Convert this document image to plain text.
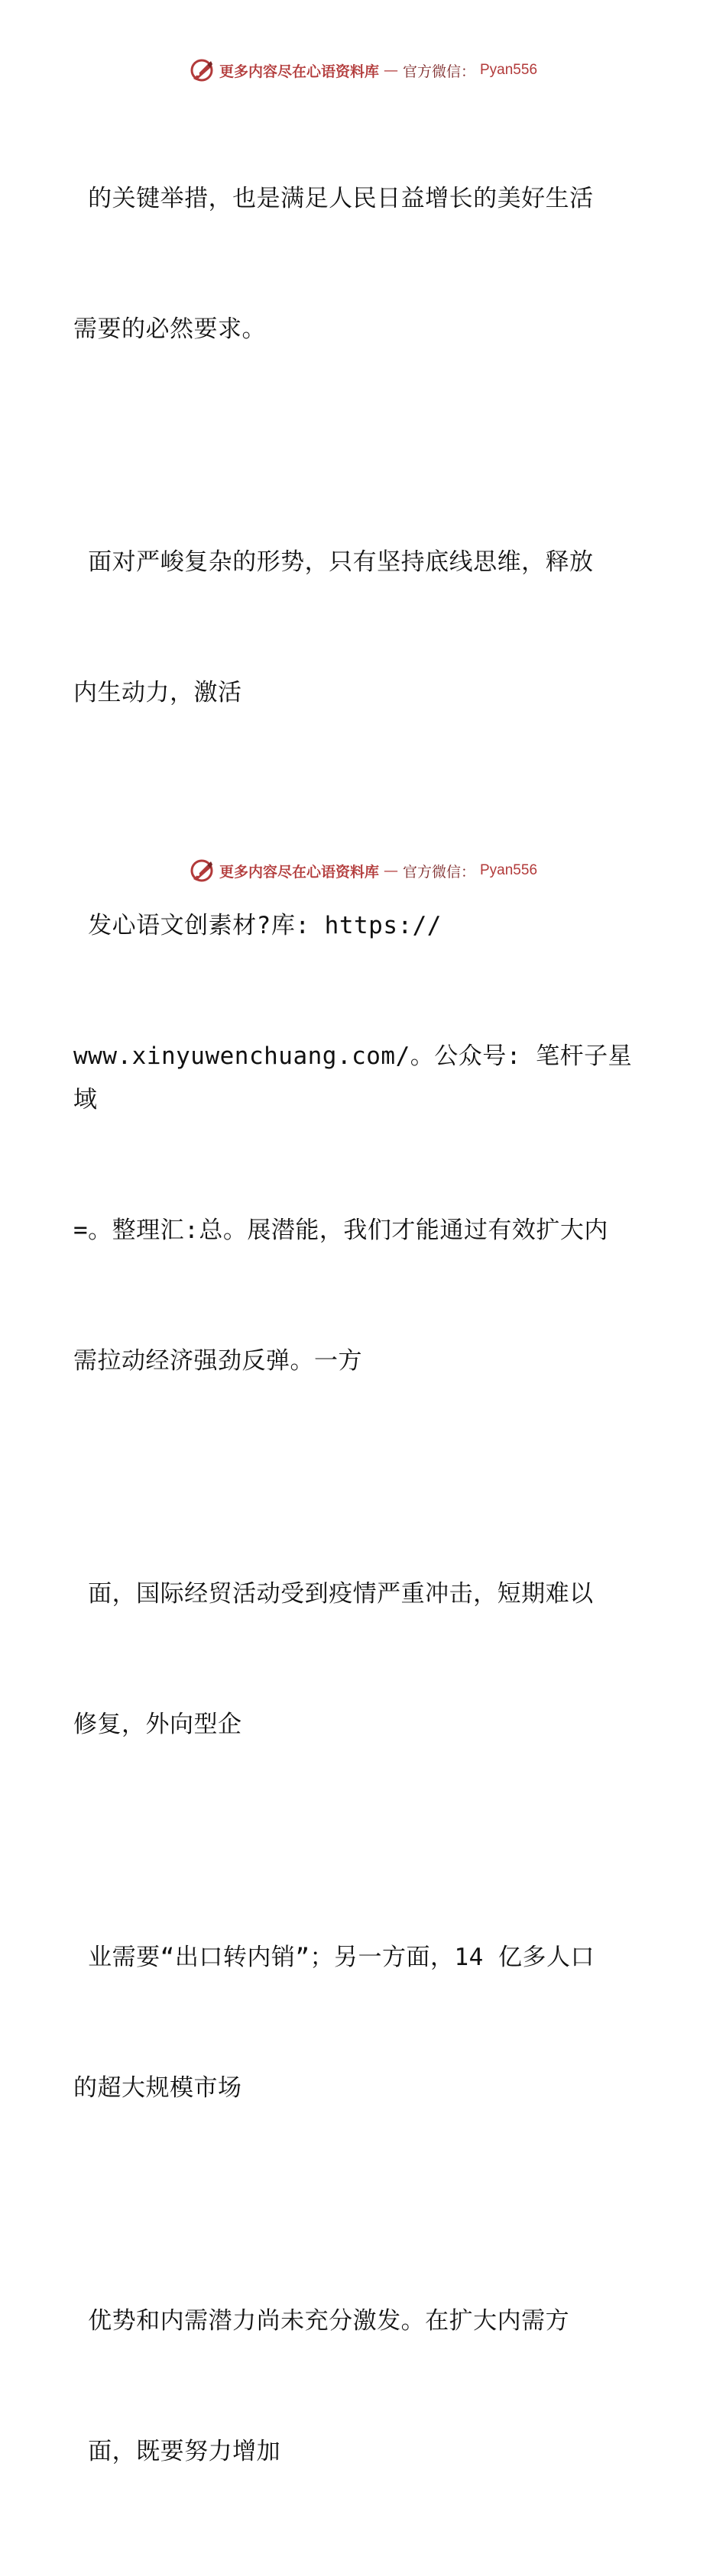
更多内容尽在心语资料库 — 官方微信： Pyan556

的关键举措，也是满足人民日益增长的美好生活

需要的必然要求。

面对严峻复杂的形势，只有坚持底线思维，释放

内生动力，激活

发心语文创素材?库: https://

www.xinyuwenchuang.com/。公众号: 笔杆子星域

=。整理汇:总。展潜能，我们才能通过有效扩大内

需拉动经济强劲反弹。一方

面，国际经贸活动受到疫情严重冲击，短期难以

修复，外向型企

业需要“出口转内销”；另一方面，14 亿多人口

的超大规模市场

优势和内需潜力尚未充分激发。在扩大内需方

面，既要努力增加

更多内容尽在心语资料库 — 官方微信： Pyan556
